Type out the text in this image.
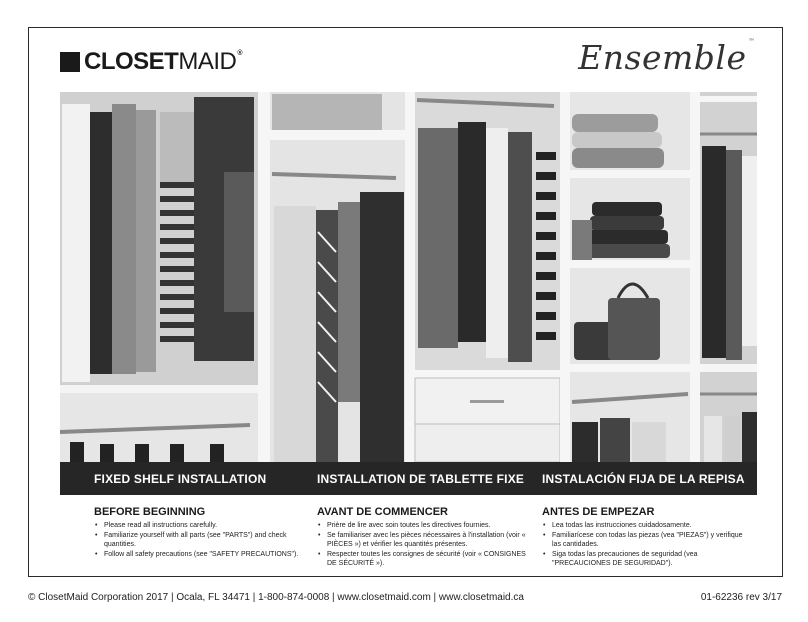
CLOSETMAID®	Ensemble ™
FIXED SHELF INSTALLATION	INSTALLATION DE TABLETTE FIXE INSTALACIÓN FIJA DE LA REPISA
BEFORE BEGINNING
• Please read all instructions carefully.
• Familiarize yourself with all parts (see "PARTS") and check quantities.
• Follow all safety precautions (see "SAFETY PRECAUTIONS").
AVANT DE COMMENCER
• Prière de lire avec soin toutes les directives fournies.
• Se familiariser avec les pièces nécessaires à l'installation (voir « PIÈCES ») et vérifier les quantités présentes.
• Respecter toutes les consignes de sécurité (voir « CONSIGNES DE SÉCURITÉ »).
ANTES DE EMPEZAR
• Lea todas las instrucciones cuidadosamente.
• Familiarícese con todas las piezas (vea "PIEZAS") y verifique las cantidades.
• Siga todas las precauciones de seguridad (vea "PRECAUCIONES DE SEGURIDAD").
© ClosetMaid Corporation 2017 | Ocala, FL 34471 | 1-800-874-0008 | www.closetmaid.com | www.closetmaid.ca	01-62236 rev 3/17
